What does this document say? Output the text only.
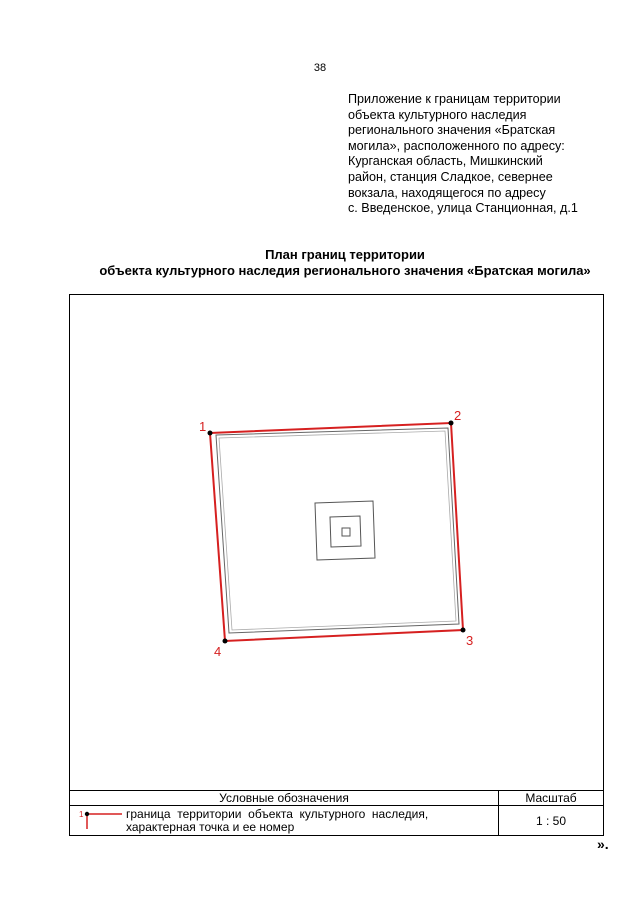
38
Приложение к границам территории
объекта культурного наследия
регионального значения «Братская
могила», расположенного по адресу:
Курганская область, Мишкинский
район, станция Сладкое, севернее
вокзала, находящегося по адресу
с. Введенское, улица Станционная, д.1
План границ территории
объекта культурного наследия регионального значения «Братская могила»
1
2
3
4
Условные обозначения	Масштаб

1 граница  территории  объекта  культурного  наследия,
характерная точка и ее номер	1 : 50
».
